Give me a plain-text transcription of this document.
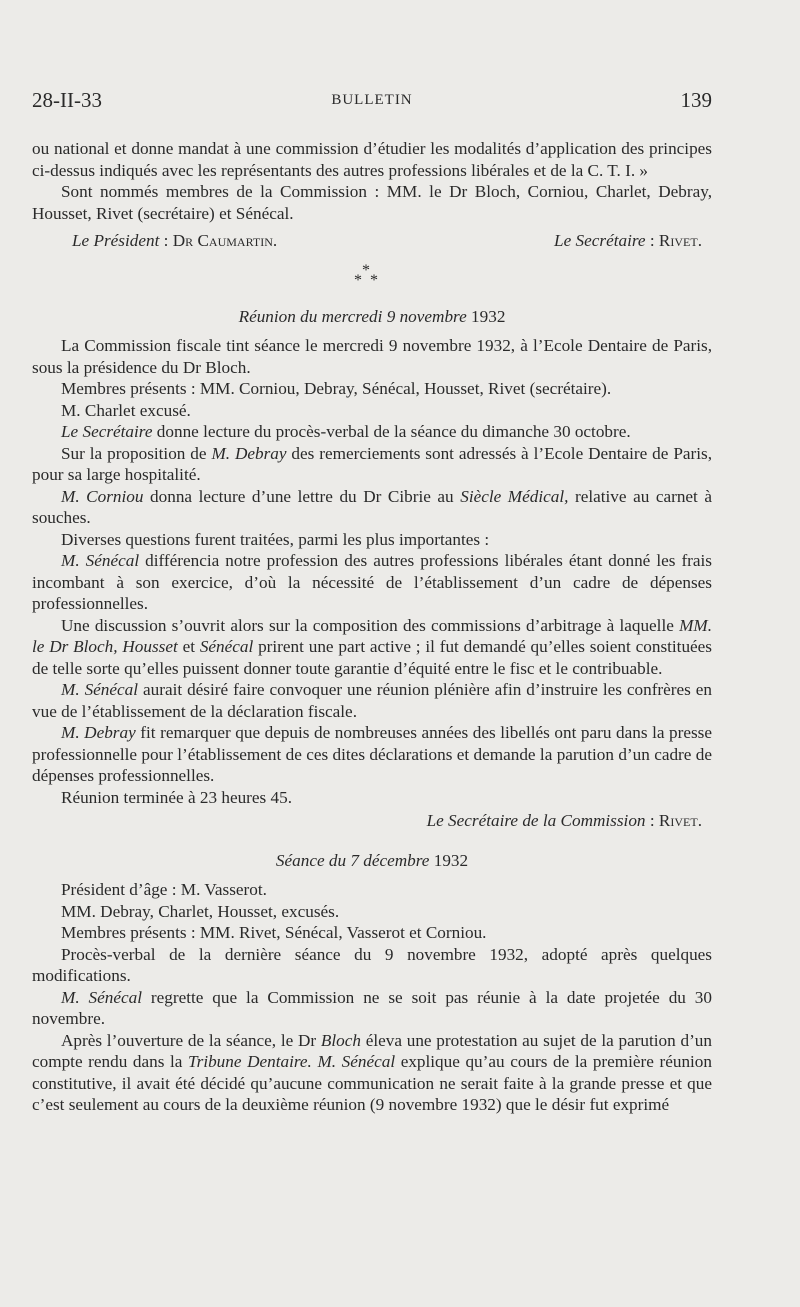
28-II-33	BULLETIN	139

ou national et donne mandat à une commission d’étudier les modalités d’application des principes ci-dessus indiqués avec les représentants des autres professions libérales et de la C. T. I. »

Sont nommés membres de la Commission : MM. le Dr Bloch, Corniou, Charlet, Debray, Housset, Rivet (secrétaire) et Sénécal.

Le Président : Dr Caumartin.	Le Secrétaire : Rivet.
*
* *
Réunion du mercredi 9 novembre 1932

La Commission fiscale tint séance le mercredi 9 novembre 1932, à l’Ecole Dentaire de Paris, sous la présidence du Dr Bloch.

Membres présents : MM. Corniou, Debray, Sénécal, Housset, Rivet (secrétaire).

M. Charlet excusé.

Le Secrétaire donne lecture du procès-verbal de la séance du dimanche 30 octobre.

Sur la proposition de M. Debray des remerciements sont adressés à l’Ecole Dentaire de Paris, pour sa large hospitalité.

M. Corniou donna lecture d’une lettre du Dr Cibrie au Siècle Médical, relative au carnet à souches.

Diverses questions furent traitées, parmi les plus importantes :

M. Sénécal différencia notre profession des autres professions libérales étant donné les frais incombant à son exercice, d’où la nécessité de l’établissement d’un cadre de dépenses professionnelles.

Une discussion s’ouvrit alors sur la composition des commissions d’arbitrage à laquelle MM. le Dr Bloch, Housset et Sénécal prirent une part active ; il fut demandé qu’elles soient constituées de telle sorte qu’elles puissent donner toute garantie d’équité entre le fisc et le contribuable.

M. Sénécal aurait désiré faire convoquer une réunion plénière afin d’instruire les confrères en vue de l’établissement de la déclaration fiscale.

M. Debray fit remarquer que depuis de nombreuses années des libellés ont paru dans la presse professionnelle pour l’établissement de ces dites déclarations et demande la parution d’un cadre de dépenses professionnelles.

Réunion terminée à 23 heures 45.

Le Secrétaire de la Commission : Rivet.
Séance du 7 décembre 1932

Président d’âge : M. Vasserot.

MM. Debray, Charlet, Housset, excusés.

Membres présents : MM. Rivet, Sénécal, Vasserot et Corniou.

Procès-verbal de la dernière séance du 9 novembre 1932, adopté après quelques modifications.

M. Sénécal regrette que la Commission ne se soit pas réunie à la date projetée du 30 novembre.

Après l’ouverture de la séance, le Dr Bloch éleva une protestation au sujet de la parution d’un compte rendu dans la Tribune Dentaire. M. Sénécal explique qu’au cours de la première réunion constitutive, il avait été décidé qu’aucune communication ne serait faite à la grande presse et que c’est seulement au cours de la deuxième réunion (9 novembre 1932) que le désir fut exprimé
